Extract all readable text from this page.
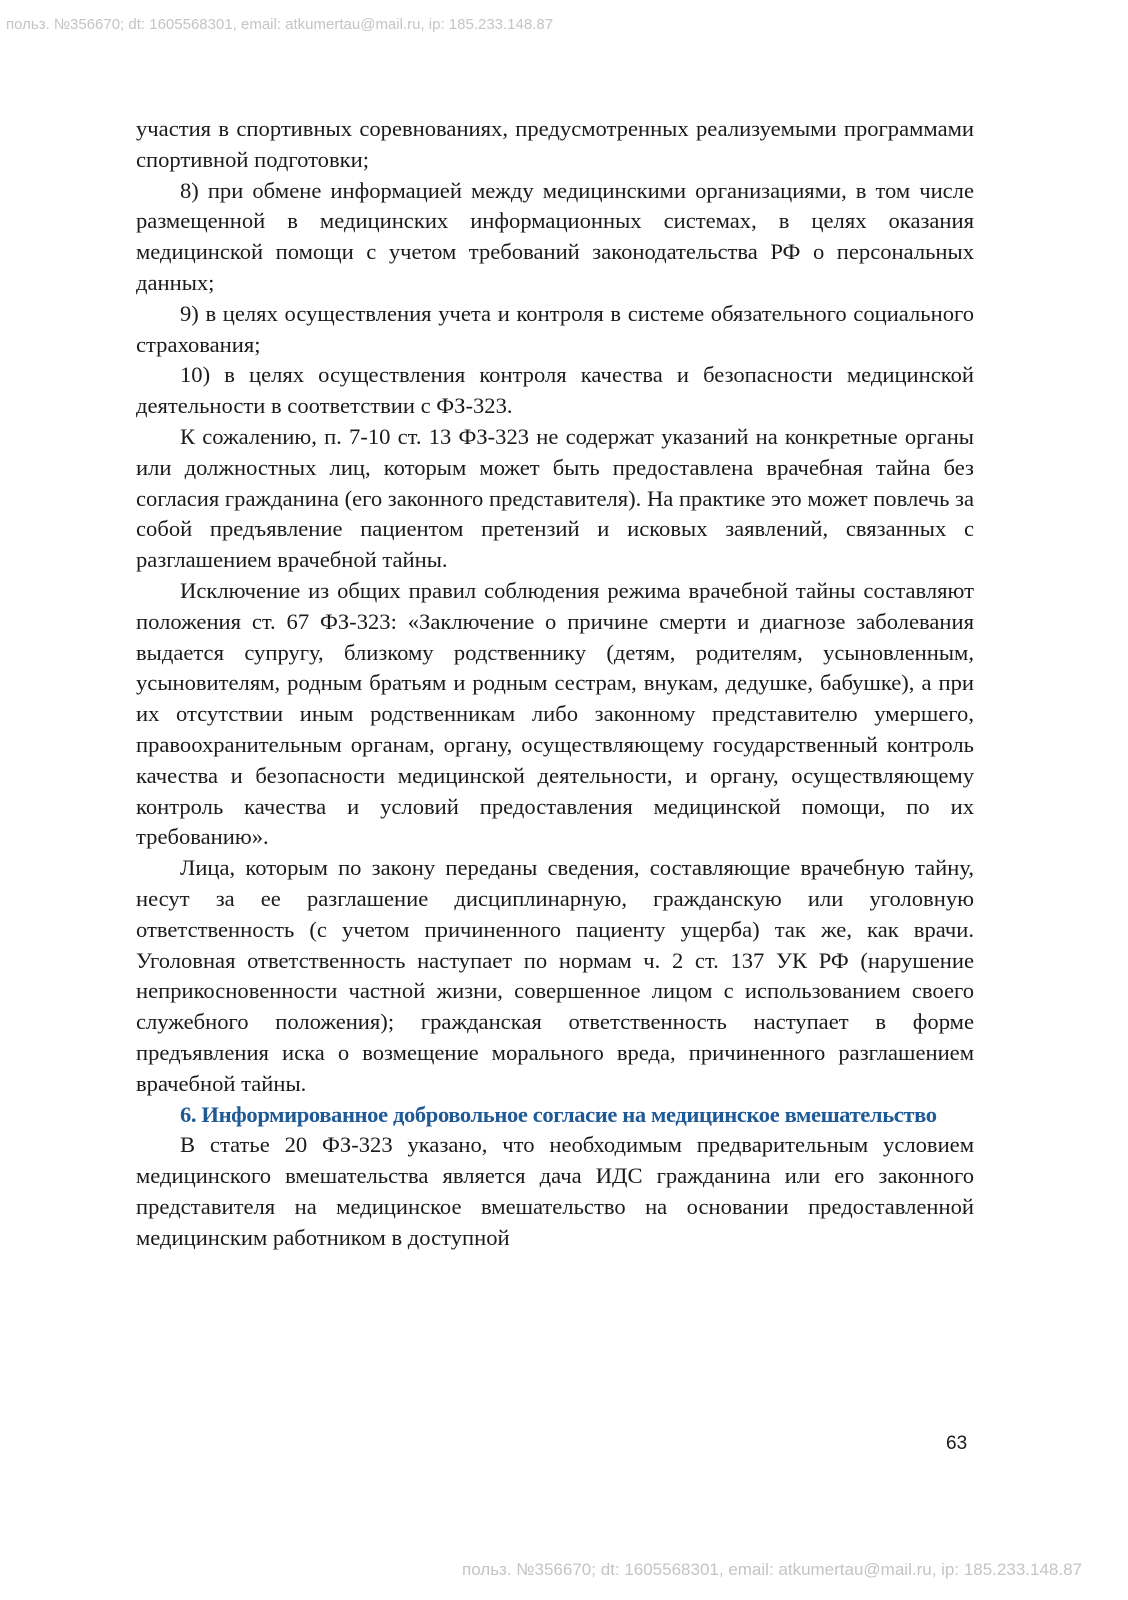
польз. №356670; dt: 1605568301, email: atkumertau@mail.ru, ip: 185.233.148.87

участия в спортивных соревнованиях, предусмотренных реализуемыми программами спортивной подготовки;

8) при обмене информацией между медицинскими организациями, в том числе размещенной в медицинских информационных системах, в целях оказания медицинской помощи с учетом требований законодательства РФ о персональных данных;

9) в целях осуществления учета и контроля в системе обязательного социального страхования;

10) в целях осуществления контроля качества и безопасности медицинской деятельности в соответствии с ФЗ-323.

К сожалению, п. 7-10 ст. 13 ФЗ-323 не содержат указаний на конкретные органы или должностных лиц, которым может быть предоставлена врачебная тайна без согласия гражданина (его законного представителя). На практике это может повлечь за собой предъявление пациентом претензий и исковых заявлений, связанных с разглашением врачебной тайны.

Исключение из общих правил соблюдения режима врачебной тайны составляют положения ст. 67 ФЗ-323: «Заключение о причине смерти и диагнозе заболевания выдается супругу, близкому родственнику (детям, родителям, усыновленным, усыновителям, родным братьям и родным сестрам, внукам, дедушке, бабушке), а при их отсутствии иным родственникам либо законному представителю умершего, правоохранительным органам, органу, осуществляющему государственный контроль качества и безопасности медицинской деятельности, и органу, осуществляющему контроль качества и условий предоставления медицинской помощи, по их требованию».

Лица, которым по закону переданы сведения, составляющие врачебную тайну, несут за ее разглашение дисциплинарную, гражданскую или уголовную ответственность (с учетом причиненного пациенту ущерба) так же, как врачи. Уголовная ответственность наступает по нормам ч. 2 ст. 137 УК РФ (нарушение неприкосновенности частной жизни, совершенное лицом с использованием своего служебного положения); гражданская ответственность наступает в форме предъявления иска о возмещение морального вреда, причиненного разглашением врачебной тайны.

6. Информированное добровольное согласие на медицинское вмешательство

В статье 20 ФЗ-323 указано, что необходимым предварительным условием медицинского вмешательства является дача ИДС гражданина или его законного представителя на медицинское вмешательство на основании предоставленной медицинским работником в доступной

63
польз. №356670; dt: 1605568301, email: atkumertau@mail.ru, ip: 185.233.148.87
